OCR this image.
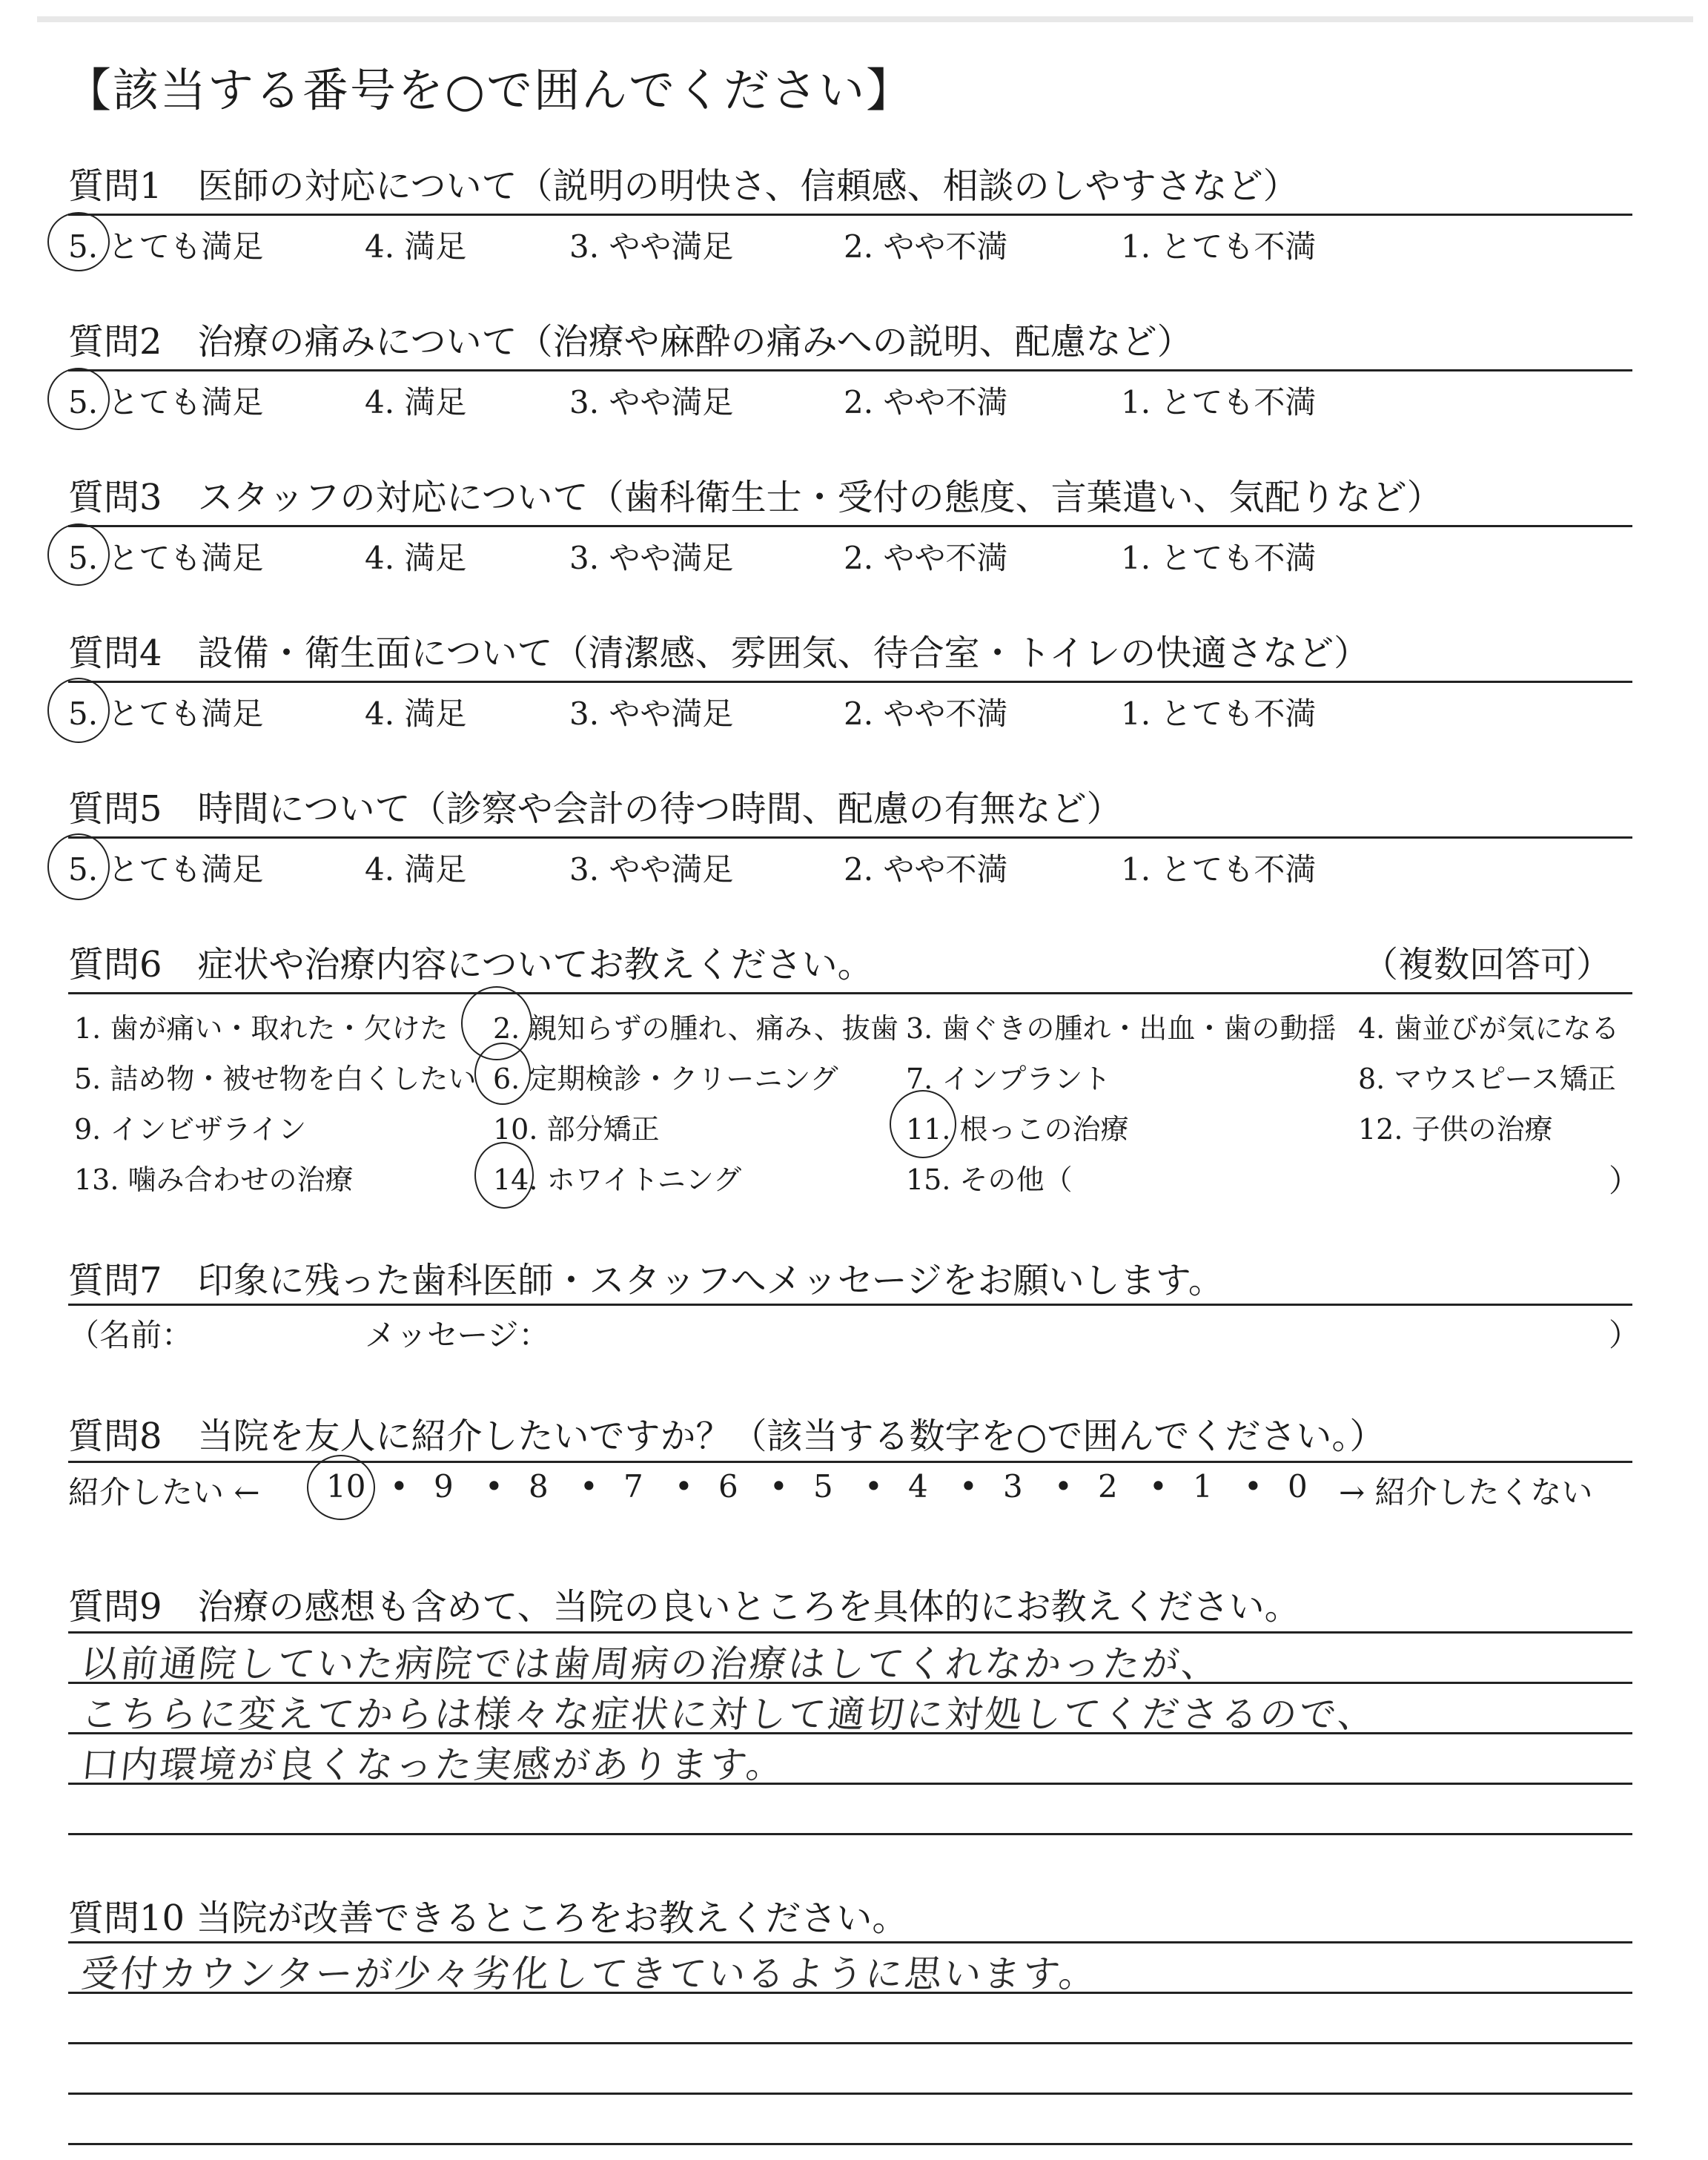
【該当する番号を○で囲んでください】
質問1　医師の対応について（説明の明快さ、信頼感、相談のしやすさなど）
5. とても満足	4. 満足	3. やや満足	2. やや不満	1. とても不満
質問2　治療の痛みについて（治療や麻酔の痛みへの説明、配慮など）
5. とても満足	4. 満足	3. やや満足	2. やや不満	1. とても不満
質問3　スタッフの対応について（歯科衛生士・受付の態度、言葉遣い、気配りなど）
5. とても満足	4. 満足	3. やや満足	2. やや不満	1. とても不満
質問4　設備・衛生面について（清潔感、雰囲気、待合室・トイレの快適さなど）
5. とても満足	4. 満足	3. やや満足	2. やや不満	1. とても不満
質問5　時間について（診察や会計の待つ時間、配慮の有無など）
5. とても満足	4. 満足	3. やや満足	2. やや不満	1. とても不満
質問6　症状や治療内容についてお教えください。	（複数回答可）
1. 歯が痛い・取れた・欠けた 2. 親知らずの腫れ、痛み、抜歯 3. 歯ぐきの腫れ・出血・歯の動揺 4. 歯並びが気になる
5. 詰め物・被せ物を白くしたい 6. 定期検診・クリーニング 7. インプラント	8. マウスピース矯正
9. インビザライン	10. 部分矯正	11. 根っこの治療	12. 子供の治療
13. 噛み合わせの治療	14. ホワイトニング	15. その他（	）
質問7　印象に残った歯科医師・スタッフへメッセージをお願いします。
（名前：	メッセージ：	）
質問8　当院を友人に紹介したいですか？（該当する数字を○で囲んでください。）
紹介したい ← 10 9 8 7 6 5 4 3 2 1 0
• • • • • • • • • • → 紹介したくない
質問9　治療の感想も含めて、当院の良いところを具体的にお教えください。
以前通院していた病院では歯周病の治療はしてくれなかったが、
こちらに変えてからは様々な症状に対して適切に対処してくださるので、
口内環境が良くなった実感があります。
質問10 当院が改善できるところをお教えください。
受付カウンターが少々劣化してきているように思います。
